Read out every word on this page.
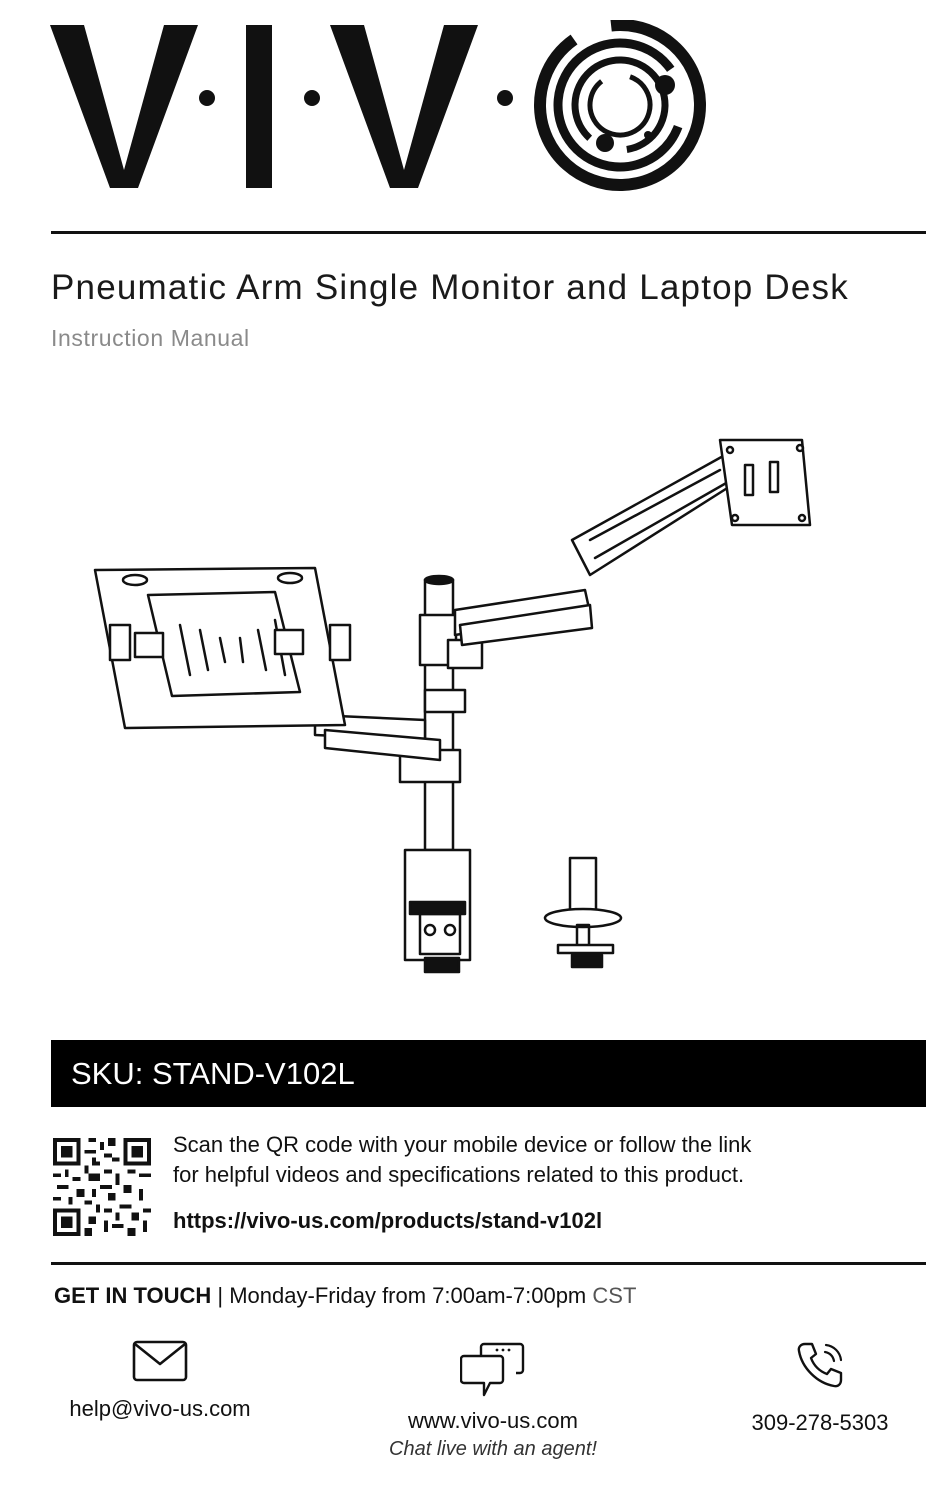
Pneumatic Arm Single Monitor and Laptop Desk
Instruction Manual
SKU: STAND-V102L
Scan the QR code with your mobile device or follow the link
for helpful videos and specifications related to this product.
https://vivo-us.com/products/stand-v102l
GET IN TOUCH | Monday-Friday from 7:00am-7:00pm CST
help@vivo-us.com	www.vivo-us.com
Chat live with an agent!
309-278-5303
